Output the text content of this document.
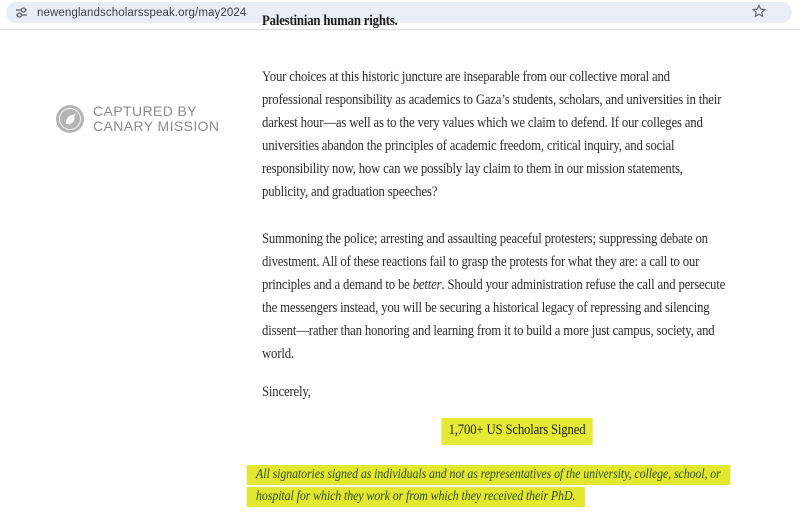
newenglandscholarsspeak.org/may2024
Palestinian human rights.
CAPTURED BY
CANARY MISSION
Your choices at this historic juncture are inseparable from our collective moral and
professional responsibility as academics to Gaza’s students, scholars, and universities in their
darkest hour—as well as to the very values which we claim to defend. If our colleges and
universities abandon the principles of academic freedom, critical inquiry, and social
responsibility now, how can we possibly lay claim to them in our mission statements,
publicity, and graduation speeches?
Summoning the police; arresting and assaulting peaceful protesters; suppressing debate on
divestment. All of these reactions fail to grasp the protests for what they are: a call to our
principles and a demand to be better. Should your administration refuse the call and persecute
the messengers instead, you will be securing a historical legacy of repressing and silencing
dissent—rather than honoring and learning from it to build a more just campus, society, and
world.
Sincerely,
1,700+ US Scholars Signed
All signatories signed as individuals and not as representatives of the university, college, school, or
hospital for which they work or from which they received their PhD.
